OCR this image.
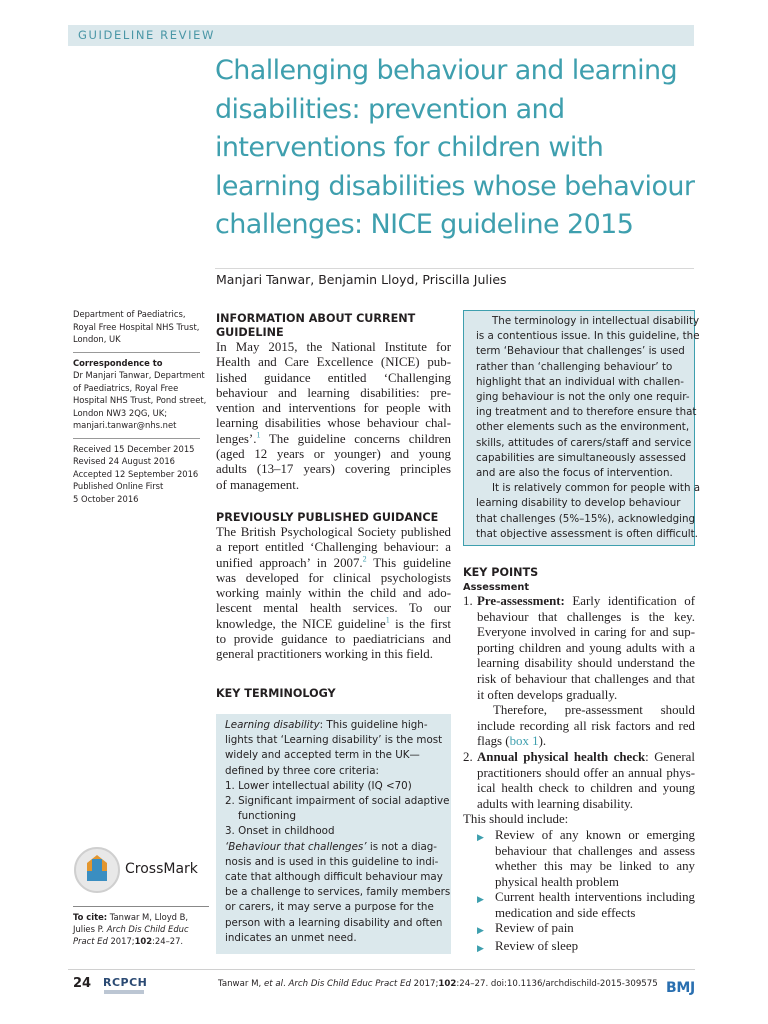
GUIDELINE REVIEW
Challenging behaviour and learning
disabilities: prevention and
interventions for children with
learning disabilities whose behaviour
challenges: NICE guideline 2015
Manjari Tanwar, Benjamin Lloyd, Priscilla Julies
Department of Paediatrics,
Royal Free Hospital NHS Trust,
London, UK
Correspondence to
Dr Manjari Tanwar, Department
of Paediatrics, Royal Free
Hospital NHS Trust, Pond street,
London NW3 2QG, UK;
manjari.tanwar@nhs.net
Received 15 December 2015
Revised 24 August 2016
Accepted 12 September 2016
Published Online First
5 October 2016
CrossMark
To cite: Tanwar M, Lloyd B,
Julies P. Arch Dis Child Educ
Pract Ed 2017;102:24–27.
INFORMATION ABOUT CURRENT
GUIDELINE
In May 2015, the National Institute for
Health and Care Excellence (NICE) pub-
lished guidance entitled ‘Challenging
behaviour and learning disabilities: pre-
vention and interventions for people with
learning disabilities whose behaviour chal-
lenges’.$^1$ The guideline concerns children
(aged 12 years or younger) and young
adults (13–17 years) covering principles
of management.
PREVIOUSLY PUBLISHED GUIDANCE
The British Psychological Society published
a report entitled ‘Challenging behaviour: a
unified approach’ in 2007.$^2$ This guideline
was developed for clinical psychologists
working mainly within the child and ado-
lescent mental health services. To our
knowledge, the NICE guideline$^1$ is the first
to provide guidance to paediatricians and
general practitioners working in this field.
KEY TERMINOLOGY
Learning disability: This guideline high-
lights that ‘Learning disability’ is the most
widely and accepted term in the UK—
defined by three core criteria:
1. Lower intellectual ability (IQ <70)
2. Significant impairment of social adaptive
functioning
3. Onset in childhood
‘Behaviour that challenges’ is not a diag-
nosis and is used in this guideline to indi-
cate that although difficult behaviour may
be a challenge to services, family members
or carers, it may serve a purpose for the
person with a learning disability and often
indicates an unmet need.
The terminology in intellectual disability
is a contentious issue. In this guideline, the
term ‘Behaviour that challenges’ is used
rather than ‘challenging behaviour’ to
highlight that an individual with challen-
ging behaviour is not the only one requir-
ing treatment and to therefore ensure that
other elements such as the environment,
skills, attitudes of carers/staff and service
capabilities are simultaneously assessed
and are also the focus of intervention.
It is relatively common for people with a
learning disability to develop behaviour
that challenges (5%–15%), acknowledging
that objective assessment is often difficult.
KEY POINTS
Assessment
1. Pre-assessment: Early identification of
behaviour that challenges is the key.
Everyone involved in caring for and sup-
porting children and young adults with a
learning disability should understand the
risk of behaviour that challenges and that
it often develops gradually.
Therefore, pre-assessment should
include recording all risk factors and red
flags (box 1).
2. Annual physical health check: General
practitioners should offer an annual phys-
ical health check to children and young
adults with learning disability.
This should include:
▶ Review of any known or emerging
behaviour that challenges and assess
whether this may be linked to any
physical health problem
▶ Current health interventions including
medication and side effects
▶ Review of pain
▶ Review of sleep
24 RCPCH	Tanwar M, et al. Arch Dis Child Educ Pract Ed 2017;102:24–27. doi:10.1136/archdischild-2015-309575 BMJ
